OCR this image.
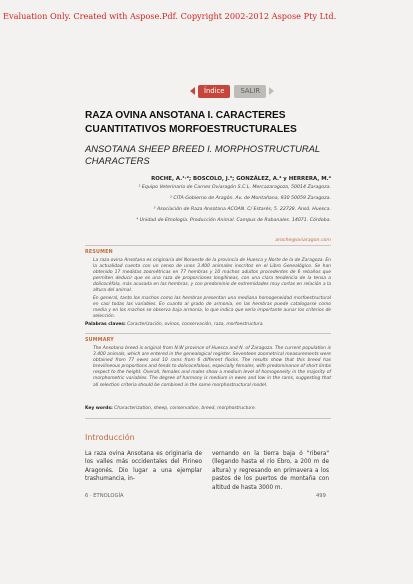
Evaluation Only. Created with Aspose.Pdf. Copyright 2002-2012 Aspose Pty Ltd.
Índice	SALIR
RAZA OVINA ANSOTANA I. CARACTERES
CUANTITATIVOS MORFOESTRUCTURALES
ANSOTANA SHEEP BREED I. MORPHOSTRUCTURAL CHARACTERS
ROCHE, A.¹·²; BOSCOLO, J.³; GONZÁLEZ, A.⁴ y HERRERA, M.⁴
¹ Equipo Veterinario de Carnes Oviaragón S.C.L. Mercazaragoza, 50014 Zaragoza.
² CITA-Gobierno de Aragón. Av. de Montañana, 930 50059 Zaragoza.
³ Asociación de Raza Ansotana ACOAN. C/ Estarés, 5. 22728. Ansó. Huesca.
⁴ Unidad de Etnología. Producción Animal. Campus de Rabanales. 14071. Córdoba.
aroche@oviaragon.com
RESUMEN

La raza ovina Ansotana es originaria del Noroeste de la provincia de Huesca y Norte de la de Zaragoza. En la actualidad cuenta con un censo de unos 3.400 animales inscritos en el Libro Genealógico. Se han obtenido 17 medidas zoométricas en 77 hembras y 10 machos adultos procedentes de 6 rebaños que permiten deducir que es una raza de proporciones longilíneas, con una clara tendencia de la tensa a dolicocéfala, más acusada en las hembras, y con predominio de extremidades muy cortas en relación a la altura del animal.

En general, tanto los machos como las hembras presentan una mediana homogeneidad morfoestructural en casi todas las variables. En cuanto al grado de armonía, en las hembras puede catalogarse como media y en los machos se observa baja armonía, lo que indica que sería importante aunar los criterios de selección.

Palabras claves: Caracterización, ovinos, conservación, raza, morfoestructura.

SUMMARY

The Ansotana breed is original from N.W province of Huesca and N. of Zaragoza. The current population is 3.400 animals, which are entered in the genealogical register. Seventeen zoometrical measurements were obtained from 77 ewes and 10 rams from 6 different flocks. The results show that this breed has brevilineous proportions and tends to dolicocefalous, especially females, with predominance of short limbs respect to the height. Overall, females and males show a medium level of homogeneity in the majority of morphometric variables. The degree of harmony is medium in ewes and low in the rams, suggesting that all selection criteria should be combined in the same morphostructural model.

Key words: Characterization, sheep, conservation, breed, morphostructure.

Introducción

La raza ovina Ansotana es originaria de los valles más occidentales del Pirineo Aragonés. Dio lugar a una ejemplar trashumancia, in-

vernando en la tierra baja ó "ribera" (llegando hasta el río Ebro, a 200 m de altura) y regresando en primavera a los pastos de los puertos de montaña con altitud de hasta 3000 m.

6 · ETNOLOGÍA	499
